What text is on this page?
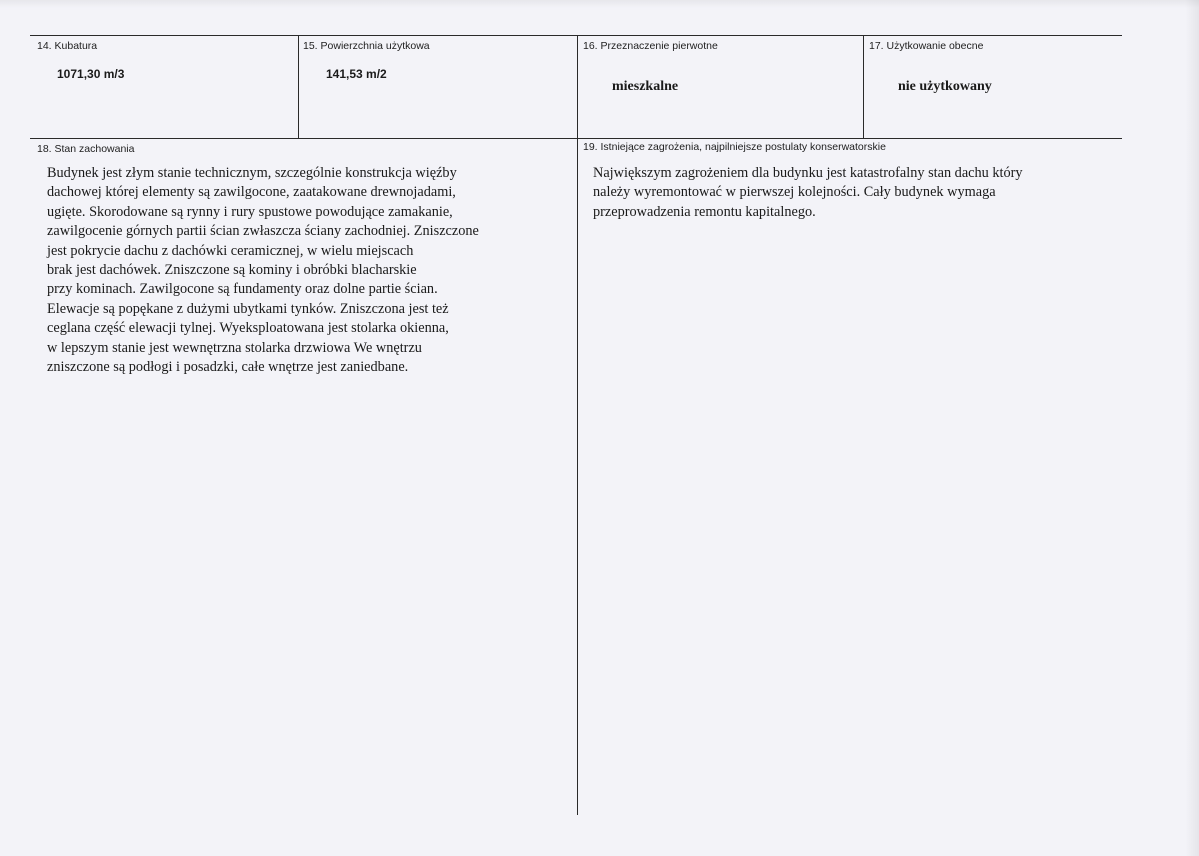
14. Kubatura
1071,30 m/3
15. Powierzchnia użytkowa
141,53 m/2
16. Przeznaczenie pierwotne
mieszkalne
17. Użytkowanie obecne
nie użytkowany
18. Stan zachowania
Budynek jest złym stanie technicznym, szczególnie konstrukcja więźby
dachowej której elementy są zawilgocone, zaatakowane drewnojadami,
ugięte. Skorodowane są rynny i rury spustowe powodujące zamakanie,
zawilgocenie górnych partii ścian zwłaszcza ściany zachodniej. Zniszczone
jest pokrycie dachu z dachówki ceramicznej, w wielu miejscach
brak jest dachówek. Zniszczone są kominy i obróbki blacharskie
przy kominach. Zawilgocone są fundamenty oraz dolne partie ścian.
Elewacje są popękane z dużymi ubytkami tynków. Zniszczona jest też
ceglana część elewacji tylnej. Wyeksploatowana jest stolarka okienna,
w lepszym stanie jest wewnętrzna stolarka drzwiowa We wnętrzu
zniszczone są podłogi i posadzki, całe wnętrze jest zaniedbane.
19. Istniejące zagrożenia, najpilniejsze postulaty konserwatorskie
Największym zagrożeniem dla budynku jest katastrofalny stan dachu który
należy wyremontować w pierwszej kolejności. Cały budynek wymaga
przeprowadzenia remontu kapitalnego.
